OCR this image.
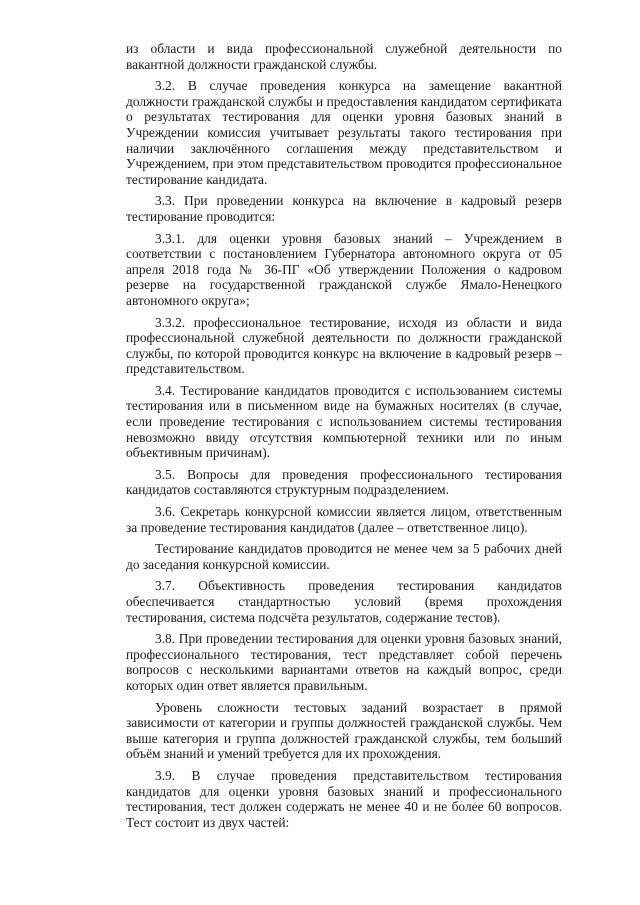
из области и вида профессиональной служебной деятельности по вакантной должности гражданской службы.

3.2. В случае проведения конкурса на замещение вакантной должности гражданской службы и предоставления кандидатом сертификата о результатах тестирования для оценки уровня базовых знаний в Учреждении комиссия учитывает результаты такого тестирования при наличии заключённого соглашения между представительством и Учреждением, при этом представительством проводится профессиональное тестирование кандидата.

3.3. При проведении конкурса на включение в кадровый резерв тестирование проводится:

3.3.1. для оценки уровня базовых знаний – Учреждением в соответствии с постановлением Губернатора автономного округа от 05 апреля 2018 года № 36-ПГ «Об утверждении Положения о кадровом резерве на государственной гражданской службе Ямало-Ненецкого автономного округа»;

3.3.2. профессиональное тестирование, исходя из области и вида профессиональной служебной деятельности по должности гражданской службы, по которой проводится конкурс на включение в кадровый резерв – представительством.

3.4. Тестирование кандидатов проводится с использованием системы тестирования или в письменном виде на бумажных носителях (в случае, если проведение тестирования с использованием системы тестирования невозможно ввиду отсутствия компьютерной техники или по иным объективным причинам).

3.5. Вопросы для проведения профессионального тестирования кандидатов составляются структурным подразделением.

3.6. Секретарь конкурсной комиссии является лицом, ответственным за проведение тестирования кандидатов (далее – ответственное лицо).

Тестирование кандидатов проводится не менее чем за 5 рабочих дней до заседания конкурсной комиссии.

3.7. Объективность проведения тестирования кандидатов обеспечивается стандартностью условий (время прохождения тестирования, система подсчёта результатов, содержание тестов).

3.8. При проведении тестирования для оценки уровня базовых знаний, профессионального тестирования, тест представляет собой перечень вопросов с несколькими вариантами ответов на каждый вопрос, среди которых один ответ является правильным.

Уровень сложности тестовых заданий возрастает в прямой зависимости от категории и группы должностей гражданской службы. Чем выше категория и группа должностей гражданской службы, тем больший объём знаний и умений требуется для их прохождения.

3.9. В случае проведения представительством тестирования кандидатов для оценки уровня базовых знаний и профессионального тестирования, тест должен содержать не менее 40 и не более 60 вопросов. Тест состоит из двух частей:
